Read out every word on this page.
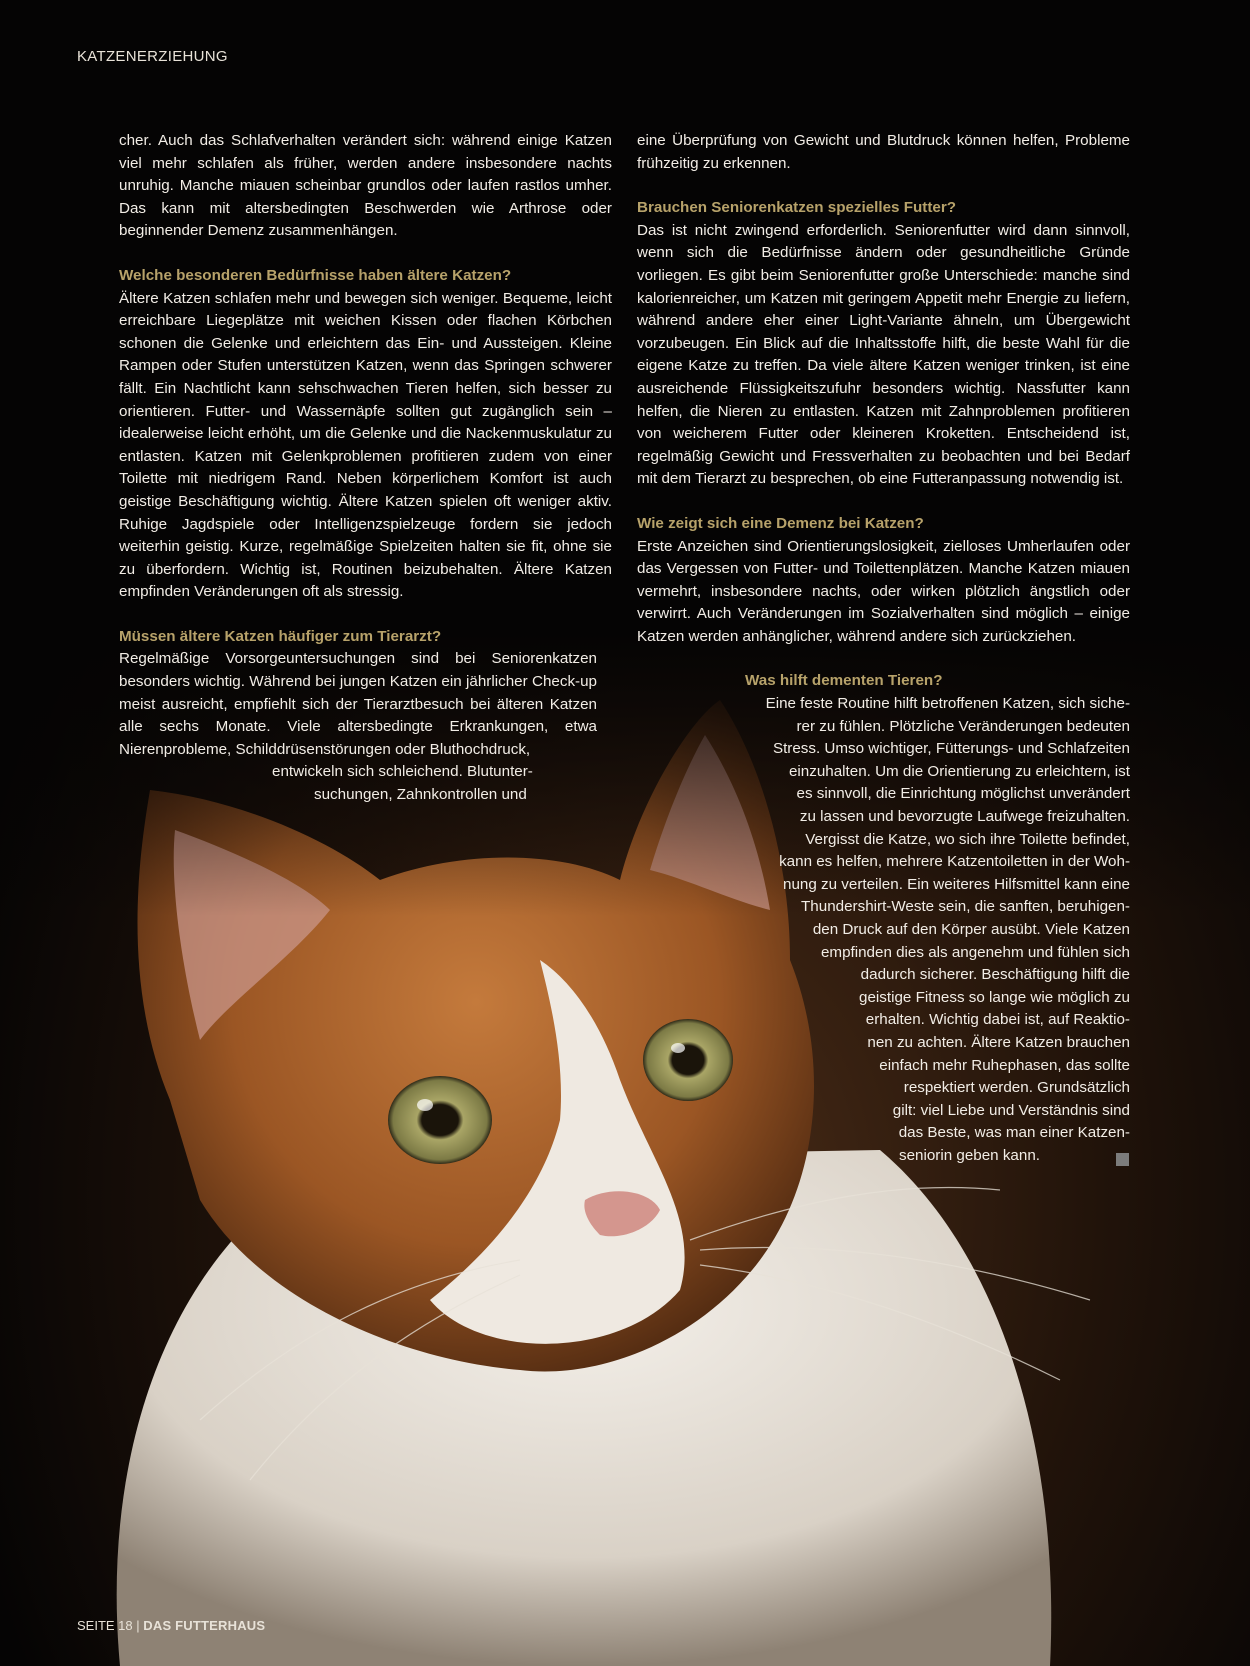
KATZENERZIEHUNG

cher. Auch das Schlafverhalten verändert sich: während einige Katzen viel mehr schlafen als früher, werden andere insbesondere nachts unruhig. Manche miauen scheinbar grundlos oder laufen rastlos umher. Das kann mit altersbedingten Beschwerden wie Arthrose oder beginnender Demenz zusammenhängen.

Welche besonderen Bedürfnisse haben ältere Katzen?

Ältere Katzen schlafen mehr und bewegen sich weniger. Bequeme, leicht erreichbare Liegeplätze mit weichen Kissen oder flachen Körbchen schonen die Gelenke und erleichtern das Ein- und Aussteigen. Kleine Rampen oder Stufen unterstützen Katzen, wenn das Springen schwerer fällt. Ein Nachtlicht kann sehschwachen Tieren helfen, sich besser zu orientieren. Futter- und Wassernäpfe sollten gut zugänglich sein – idealerweise leicht erhöht, um die Gelenke und die Nackenmuskulatur zu entlasten. Katzen mit Gelenkproblemen profitieren zudem von einer Toilette mit niedrigem Rand. Neben körperlichem Komfort ist auch geistige Beschäftigung wichtig. Ältere Katzen spielen oft weniger aktiv. Ruhige Jagdspiele oder Intelligenzspielzeuge fordern sie jedoch weiterhin geistig. Kurze, regelmäßige Spielzeiten halten sie fit, ohne sie zu überfordern. Wichtig ist, Routinen beizubehalten. Ältere Katzen empfinden Veränderungen oft als stressig.

Müssen ältere Katzen häufiger zum Tierarzt?

Regelmäßige Vorsorgeuntersuchungen sind bei Seniorenkatzen besonders wichtig. Während bei jungen Katzen ein jährlicher Check-up meist ausreicht, empfiehlt sich der Tierarztbesuch bei älteren Katzen alle sechs Monate. Viele altersbedingte Erkrankungen, etwa Nierenprobleme, Schilddrüsenstörungen oder Bluthochdruck,

entwickeln sich schleichend. Blutunter-
suchungen, Zahnkontrollen und

eine Überprüfung von Gewicht und Blutdruck können helfen, Probleme frühzeitig zu erkennen.

Brauchen Seniorenkatzen spezielles Futter?

Das ist nicht zwingend erforderlich. Seniorenfutter wird dann sinnvoll, wenn sich die Bedürfnisse ändern oder gesundheitliche Gründe vorliegen. Es gibt beim Seniorenfutter große Unterschiede: manche sind kalorienreicher, um Katzen mit geringem Appetit mehr Energie zu liefern, während andere eher einer Light-Variante ähneln, um Übergewicht vorzubeugen. Ein Blick auf die Inhaltsstoffe hilft, die beste Wahl für die eigene Katze zu treffen. Da viele ältere Katzen weniger trinken, ist eine ausreichende Flüssigkeitszufuhr besonders wichtig. Nassfutter kann helfen, die Nieren zu entlasten. Katzen mit Zahnproblemen profitieren von weicherem Futter oder kleineren Kroketten. Entscheidend ist, regelmäßig Gewicht und Fressverhalten zu beobachten und bei Bedarf mit dem Tierarzt zu besprechen, ob eine Futteranpassung notwendig ist.

Wie zeigt sich eine Demenz bei Katzen?

Erste Anzeichen sind Orientierungslosigkeit, zielloses Umherlaufen oder das Vergessen von Futter- und Toilettenplätzen. Manche Katzen miauen vermehrt, insbesondere nachts, oder wirken plötzlich ängstlich oder verwirrt. Auch Veränderungen im Sozialverhalten sind möglich – einige Katzen werden anhänglicher, während andere sich zurückziehen.

Was hilft dementen Tieren?

Eine feste Routine hilft betroffenen Katzen, sich siche-
rer zu fühlen. Plötzliche Veränderungen bedeuten
Stress. Umso wichtiger, Fütterungs- und Schlafzeiten
einzuhalten. Um die Orientierung zu erleichtern, ist
es sinnvoll, die Einrichtung möglichst unverändert
zu lassen und bevorzugte Laufwege freizuhalten.
Vergisst die Katze, wo sich ihre Toilette befindet,
kann es helfen, mehrere Katzentoiletten in der Woh-
nung zu verteilen. Ein weiteres Hilfsmittel kann eine
Thundershirt-Weste sein, die sanften, beruhigen-
den Druck auf den Körper ausübt. Viele Katzen
empfinden dies als angenehm und fühlen sich
dadurch sicherer. Beschäftigung hilft die
geistige Fitness so lange wie möglich zu
erhalten. Wichtig dabei ist, auf Reaktio-
nen zu achten. Ältere Katzen brauchen
einfach mehr Ruhephasen, das sollte
respektiert werden. Grundsätzlich
gilt: viel Liebe und Verständnis sind
das Beste, was man einer Katzen-
seniorin geben kann.
SEITE 18 | DAS FUTTERHAUS
